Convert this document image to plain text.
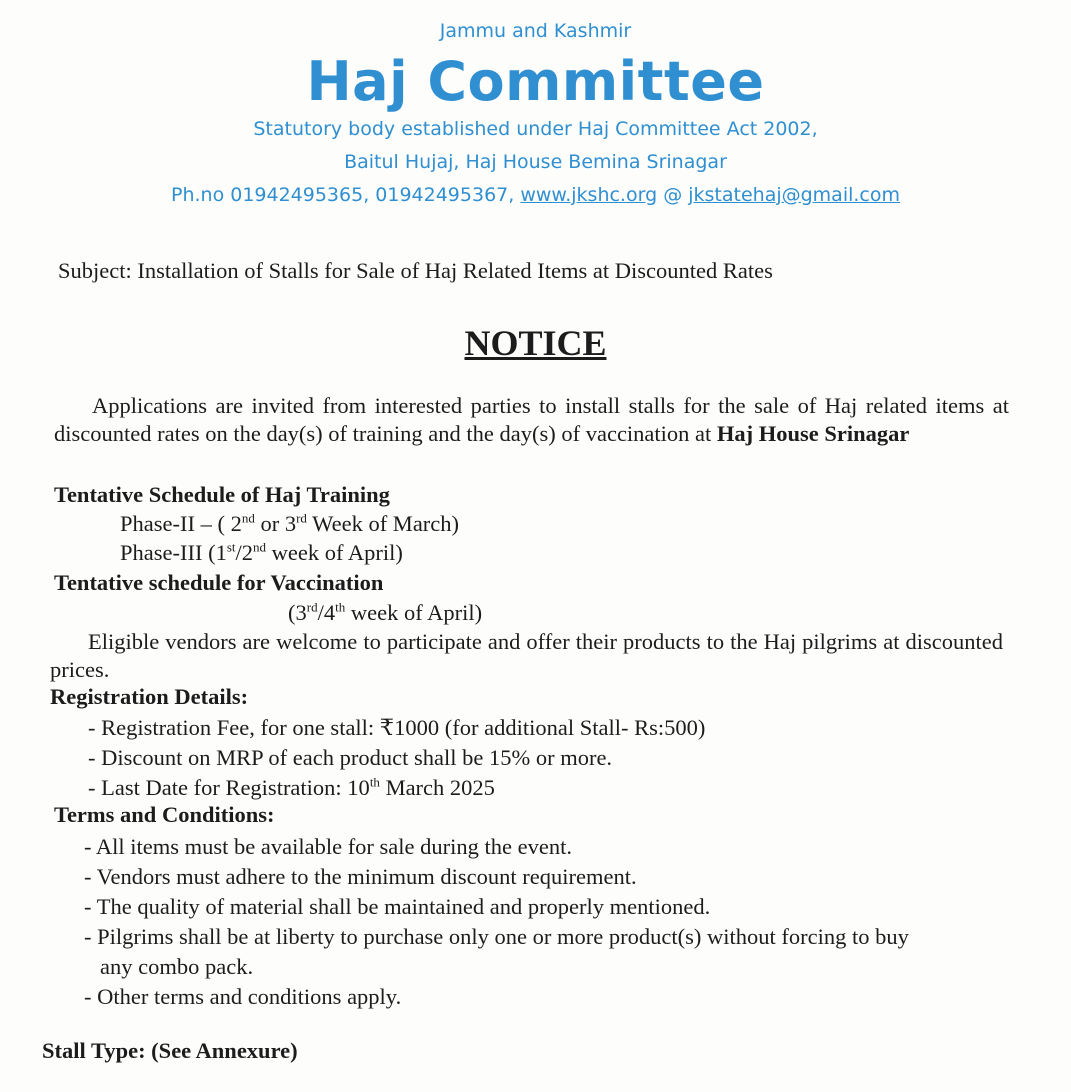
Jammu and Kashmir
Haj Committee
Statutory body established under Haj Committee Act 2002,
Baitul Hujaj, Haj House Bemina Srinagar
Ph.no 01942495365, 01942495367, www.jkshc.org @ jkstatehaj@gmail.com
Subject: Installation of Stalls for Sale of Haj Related Items at Discounted Rates
NOTICE
Applications are invited from interested parties to install stalls for the sale of Haj related items at discounted rates on the day(s) of training and the day(s) of vaccination at Haj House Srinagar
Tentative Schedule of Haj Training
Phase-II – ( 2nd or 3rd Week of March)
Phase-III (1st/2nd week of April)
Tentative schedule for Vaccination
(3rd/4th week of April)
Eligible vendors are welcome to participate and offer their products to the Haj pilgrims at discounted prices.
Registration Details:
- Registration Fee, for one stall: ₹1000 (for additional Stall- Rs:500)
- Discount on MRP of each product shall be 15% or more.
- Last Date for Registration: 10th March 2025
Terms and Conditions:
- All items must be available for sale during the event.
- Vendors must adhere to the minimum discount requirement.
- The quality of material shall be maintained and properly mentioned.
- Pilgrims shall be at liberty to purchase only one or more product(s) without forcing to buy
any combo pack.
- Other terms and conditions apply.
Stall Type: (See Annexure)
